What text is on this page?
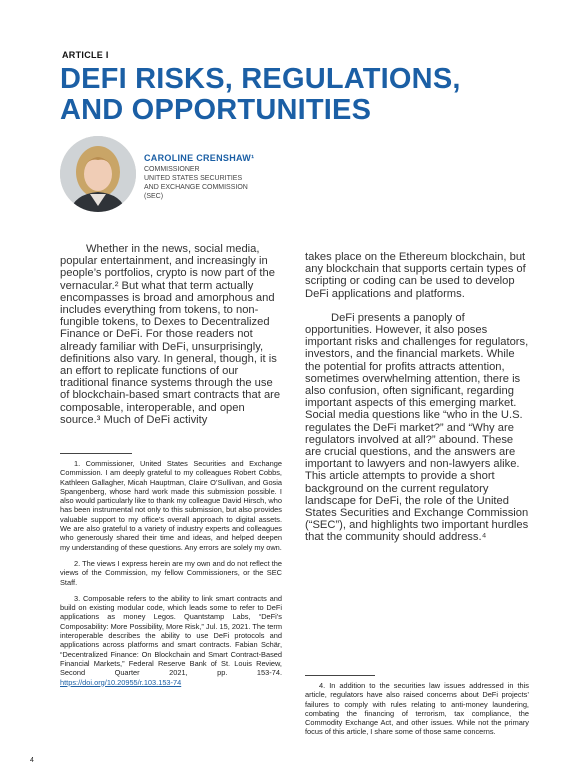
ARTICLE I
DEFI RISKS, REGULATIONS,
AND OPPORTUNITIES
CAROLINE CRENSHAW¹
COMMISSIONER
UNITED STATES SECURITIES
AND EXCHANGE COMMISSION
(SEC)

Whether in the news, social media, popular entertainment, and increasingly in people’s portfolios, crypto is now part of the vernacular.² But what that term actually encompasses is broad and amorphous and includes everything from tokens, to non-fungible tokens, to Dexes to Decentralized Finance or DeFi. For those readers not already familiar with DeFi, unsurprisingly, definitions also vary. In general, though, it is an effort to replicate functions of our traditional finance systems through the use of blockchain-based smart contracts that are composable, interoperable, and open source.³ Much of DeFi activity

takes place on the Ethereum blockchain, but any blockchain that supports certain types of scripting or coding can be used to develop DeFi applications and platforms.

DeFi presents a panoply of opportunities. However, it also poses important risks and challenges for regulators, investors, and the financial markets. While the potential for profits attracts attention, sometimes overwhelming attention, there is also confusion, often significant, regarding important aspects of this emerging market. Social media questions like “who in the U.S. regulates the DeFi market?” and “Why are regulators involved at all?” abound. These are crucial questions, and the answers are important to lawyers and non-lawyers alike. This article attempts to provide a short background on the current regulatory landscape for DeFi, the role of the United States Securities and Exchange Commission (“SEC”), and highlights two important hurdles that the community should address.⁴

1. Commissioner, United States Securities and Exchange Commission. I am deeply grateful to my colleagues Robert Cobbs, Kathleen Gallagher, Micah Hauptman, Claire O’Sullivan, and Gosia Spangenberg, whose hard work made this submission possible. I also would particularly like to thank my colleague David Hirsch, who has been instrumental not only to this submission, but also provides valuable support to my office’s overall approach to digital assets. We are also grateful to a variety of industry experts and colleagues who generously shared their time and ideas, and helped deepen my understanding of these questions. Any errors are solely my own.

2. The views I express herein are my own and do not reflect the views of the Commission, my fellow Commissioners, or the SEC Staff.

3. Composable refers to the ability to link smart contracts and build on existing modular code, which leads some to refer to DeFi applications as money Legos. Quantstamp Labs, “DeFi’s Composability: More Possibility, More Risk,” Jul. 15, 2021. The term interoperable describes the ability to use DeFi protocols and applications across platforms and smart contracts. Fabian Schär, “Decentralized Finance: On Blockchain and Smart Contract-Based Financial Markets,” Federal Reserve Bank of St. Louis Review, Second Quarter 2021, pp. 153-74. https://doi.org/10.20955/r.103.153-74	4. In addition to the securities law issues addressed in this article, regulators have also raised concerns about DeFi projects’ failures to comply with rules relating to anti-money laundering, combating the financing of terrorism, tax compliance, the Commodity Exchange Act, and other issues. While not the primary focus of this article, I share some of those same concerns.

4
